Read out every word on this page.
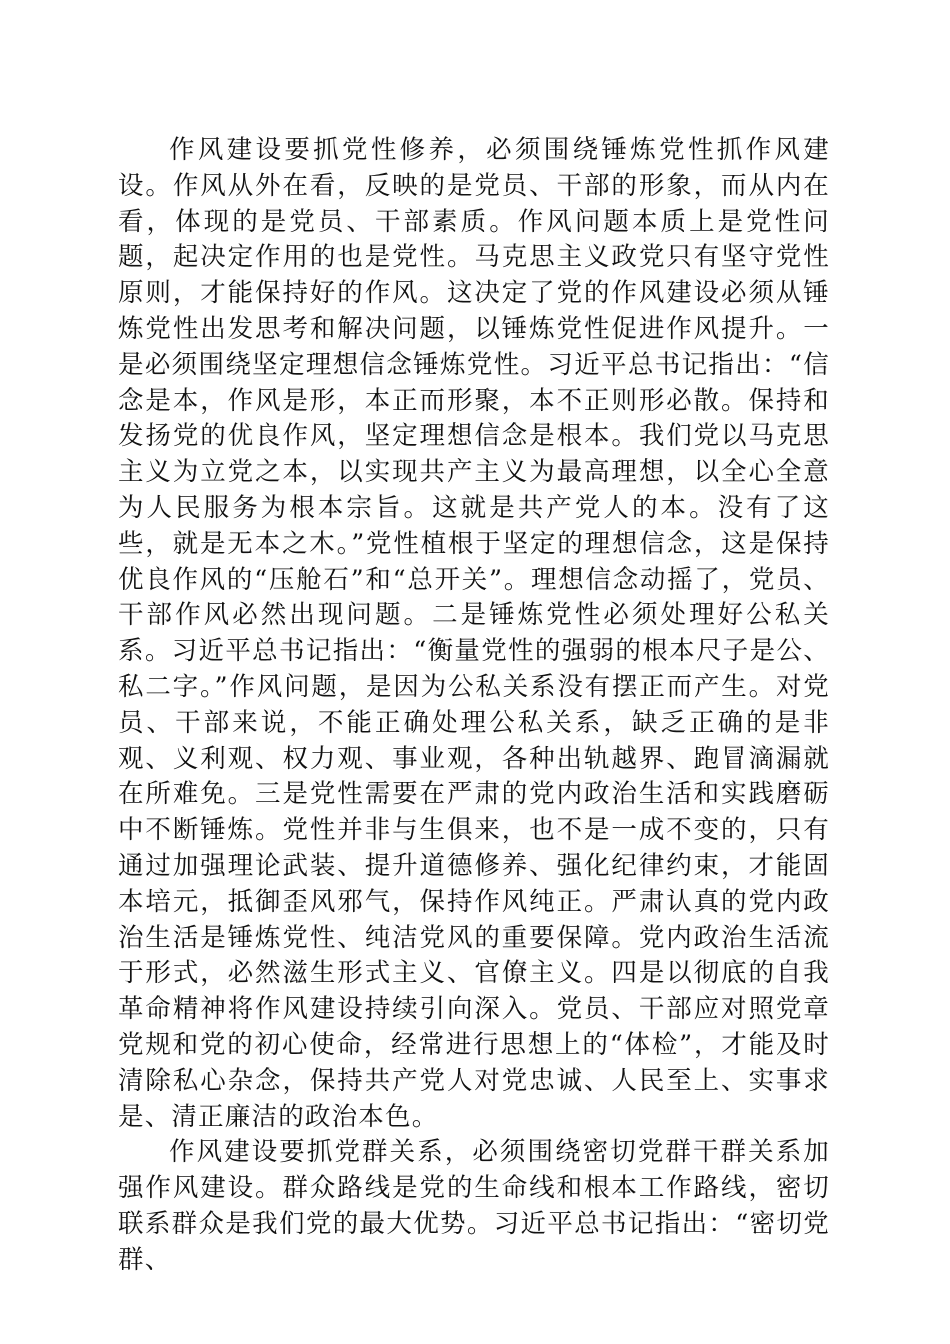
作风建设要抓党性修养，必须围绕锤炼党性抓作风建设。作风从外在看，反映的是党员、干部的形象，而从内在看，体现的是党员、干部素质。作风问题本质上是党性问题，起决定作用的也是党性。马克思主义政党只有坚守党性原则，才能保持好的作风。这决定了党的作风建设必须从锤炼党性出发思考和解决问题，以锤炼党性促进作风提升。一是必须围绕坚定理想信念锤炼党性。习近平总书记指出：“信念是本，作风是形，本正而形聚，本不正则形必散。保持和发扬党的优良作风，坚定理想信念是根本。我们党以马克思主义为立党之本，以实现共产主义为最高理想，以全心全意为人民服务为根本宗旨。这就是共产党人的本。没有了这些，就是无本之木。”党性植根于坚定的理想信念，这是保持优良作风的“压舱石”和“总开关”。理想信念动摇了，党员、干部作风必然出现问题。二是锤炼党性必须处理好公私关系。习近平总书记指出：“衡量党性的强弱的根本尺子是公、私二字。”作风问题，是因为公私关系没有摆正而产生。对党员、干部来说，不能正确处理公私关系，缺乏正确的是非观、义利观、权力观、事业观，各种出轨越界、跑冒滴漏就在所难免。三是党性需要在严肃的党内政治生活和实践磨砺中不断锤炼。党性并非与生俱来，也不是一成不变的，只有通过加强理论武装、提升道德修养、强化纪律约束，才能固本培元，抵御歪风邪气，保持作风纯正。严肃认真的党内政治生活是锤炼党性、纯洁党风的重要保障。党内政治生活流于形式，必然滋生形式主义、官僚主义。四是以彻底的自我革命精神将作风建设持续引向深入。党员、干部应对照党章党规和党的初心使命，经常进行思想上的“体检”，才能及时清除私心杂念，保持共产党人对党忠诚、人民至上、实事求是、清正廉洁的政治本色。

作风建设要抓党群关系，必须围绕密切党群干群关系加强作风建设。群众路线是党的生命线和根本工作路线，密切联系群众是我们党的最大优势。习近平总书记指出：“密切党群、
